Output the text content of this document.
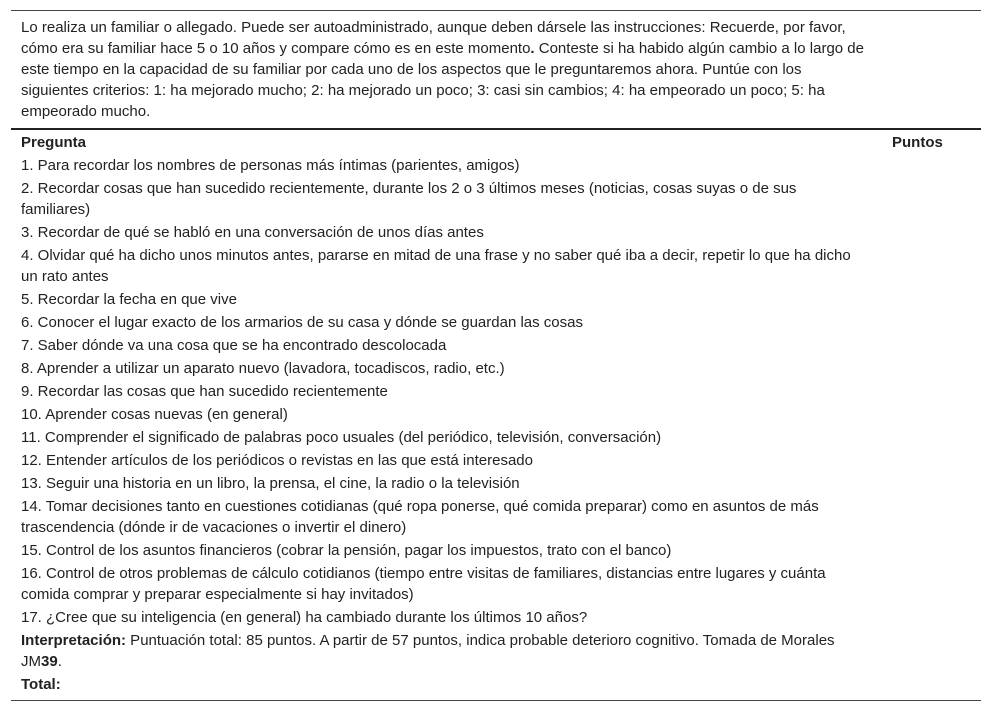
Lo realiza un familiar o allegado. Puede ser autoadministrado, aunque deben dársele las instrucciones: Recuerde, por favor, cómo era su familiar hace 5 o 10 años y compare cómo es en este momento. Conteste si ha habido algún cambio a lo largo de este tiempo en la capacidad de su familiar por cada uno de los aspectos que le preguntaremos ahora. Puntúe con los siguientes criterios: 1: ha mejorado mucho; 2: ha mejorado un poco; 3: casi sin cambios; 4: ha empeorado un poco; 5: ha empeorado mucho.
Pregunta	Puntos
1. Para recordar los nombres de personas más íntimas (parientes, amigos)
2. Recordar cosas que han sucedido recientemente, durante los 2 o 3 últimos meses (noticias, cosas suyas o de sus familiares)
3. Recordar de qué se habló en una conversación de unos días antes
4. Olvidar qué ha dicho unos minutos antes, pararse en mitad de una frase y no saber qué iba a decir, repetir lo que ha dicho un rato antes
5. Recordar la fecha en que vive
6. Conocer el lugar exacto de los armarios de su casa y dónde se guardan las cosas
7. Saber dónde va una cosa que se ha encontrado descolocada
8. Aprender a utilizar un aparato nuevo (lavadora, tocadiscos, radio, etc.)
9. Recordar las cosas que han sucedido recientemente
10. Aprender cosas nuevas (en general)
11. Comprender el significado de palabras poco usuales (del periódico, televisión, conversación)
12. Entender artículos de los periódicos o revistas en las que está interesado
13. Seguir una historia en un libro, la prensa, el cine, la radio o la televisión
14. Tomar decisiones tanto en cuestiones cotidianas (qué ropa ponerse, qué comida preparar) como en asuntos de más trascendencia (dónde ir de vacaciones o invertir el dinero)
15. Control de los asuntos financieros (cobrar la pensión, pagar los impuestos, trato con el banco)
16. Control de otros problemas de cálculo cotidianos (tiempo entre visitas de familiares, distancias entre lugares y cuánta comida comprar y preparar especialmente si hay invitados)
17. ¿Cree que su inteligencia (en general) ha cambiado durante los últimos 10 años?
Interpretación: Puntuación total: 85 puntos. A partir de 57 puntos, indica probable deterioro cognitivo. Tomada de Morales JM39.
Total:
